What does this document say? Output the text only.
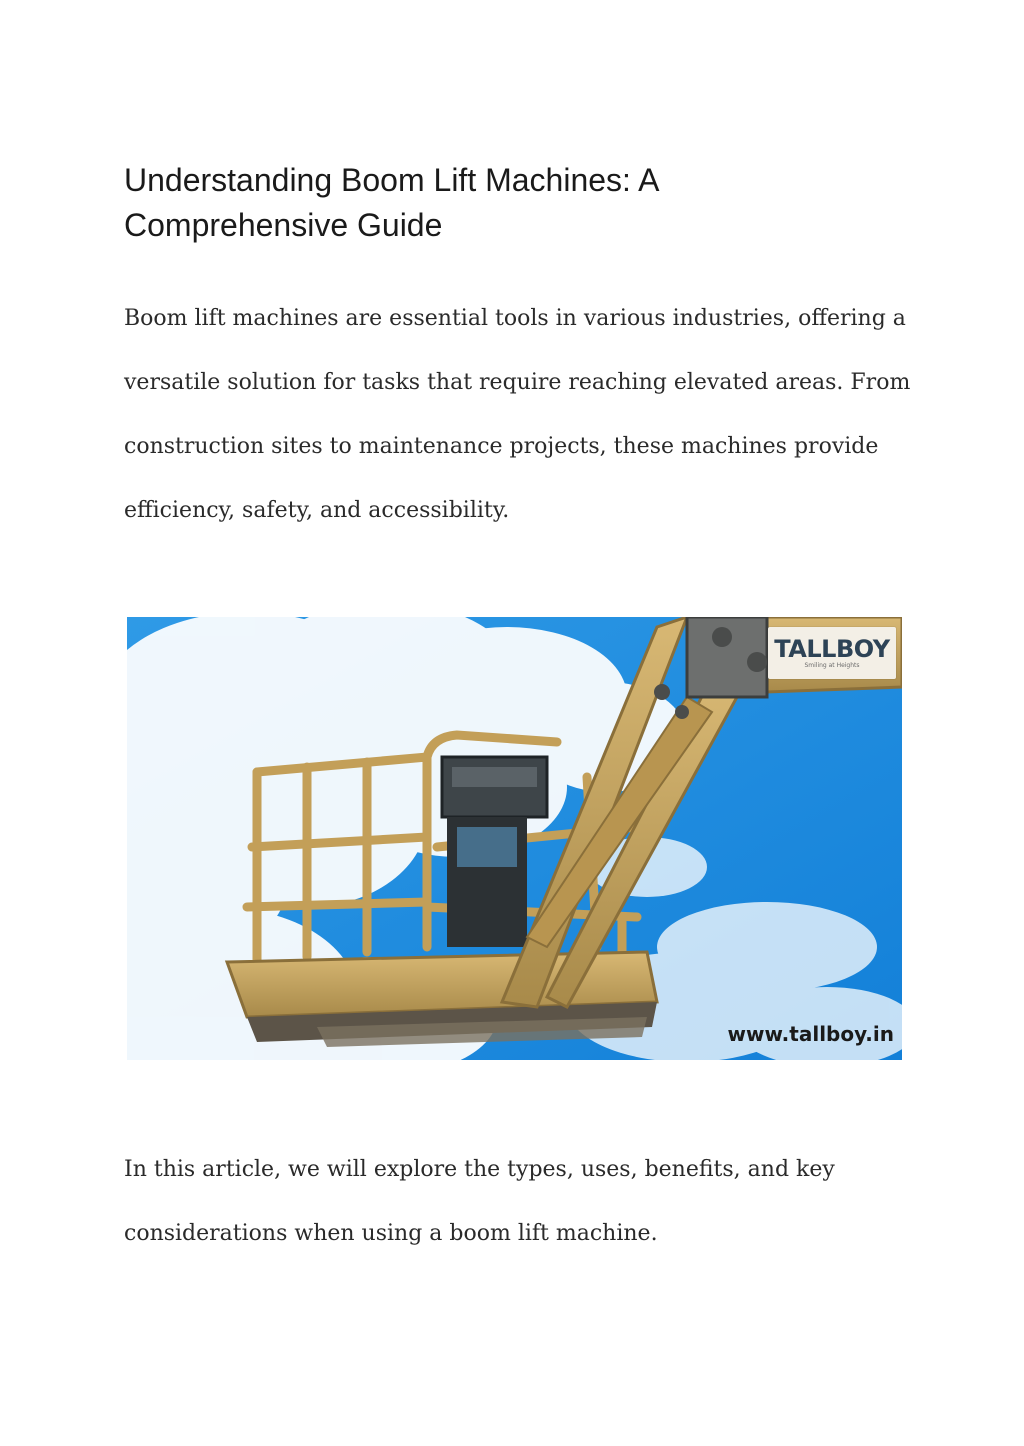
Understanding Boom Lift Machines: A Comprehensive Guide

Boom lift machines are essential tools in various industries, offering a versatile solution for tasks that require reaching elevated areas. From construction sites to maintenance projects, these machines provide efficiency, safety, and accessibility.

TALLBOY
Smiling at Heights
www.tallboy.in

In this article, we will explore the types, uses, benefits, and key considerations when using a boom lift machine.
